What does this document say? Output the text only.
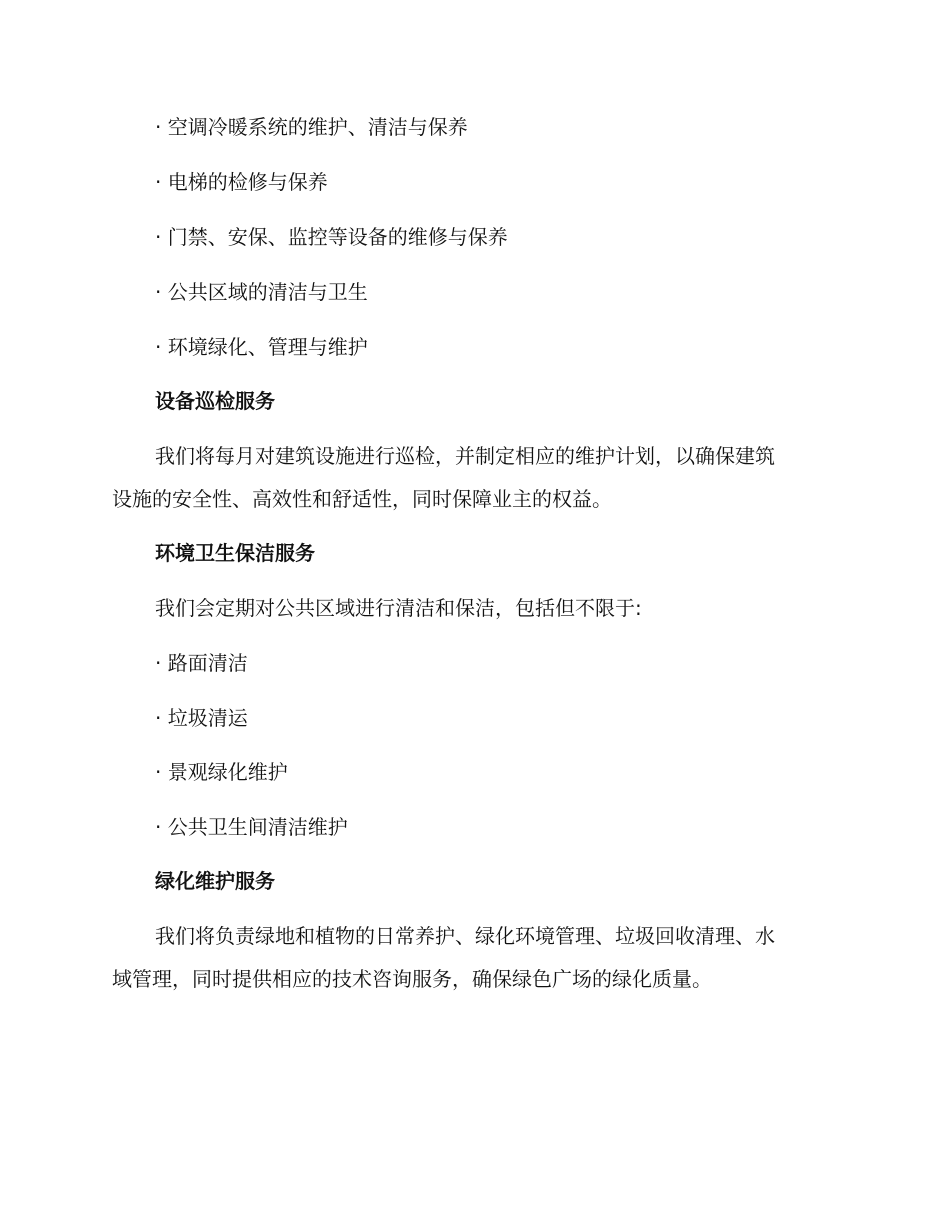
· 空调冷暖系统的维护、清洁与保养
· 电梯的检修与保养
· 门禁、安保、监控等设备的维修与保养
· 公共区域的清洁与卫生
· 环境绿化、管理与维护
设备巡检服务
我们将每月对建筑设施进行巡检，并制定相应的维护计划，以确保建筑
设施的安全性、高效性和舒适性，同时保障业主的权益。
环境卫生保洁服务
我们会定期对公共区域进行清洁和保洁，包括但不限于:
· 路面清洁
· 垃圾清运
· 景观绿化维护
· 公共卫生间清洁维护
绿化维护服务
我们将负责绿地和植物的日常养护、绿化环境管理、垃圾回收清理、水
域管理，同时提供相应的技术咨询服务，确保绿色广场的绿化质量。
